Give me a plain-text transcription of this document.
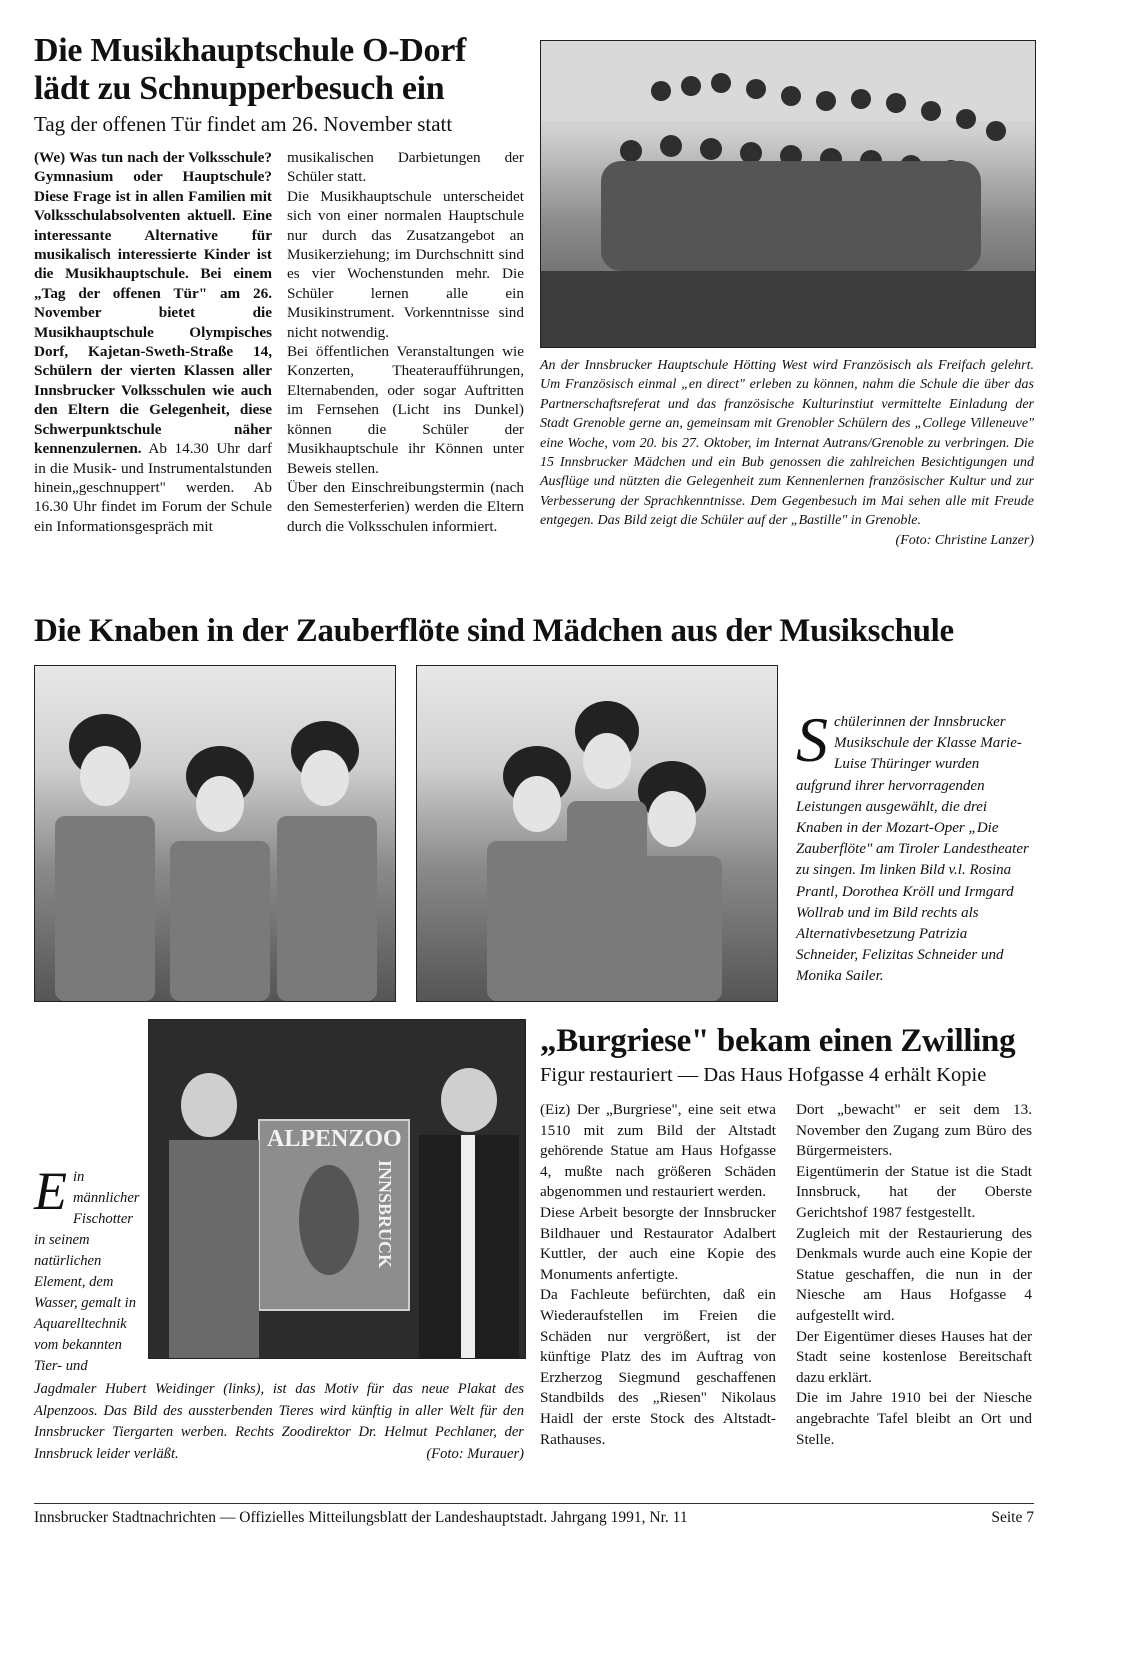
Die Musikhauptschule O-Dorf
lädt zu Schnupperbesuch ein
Tag der offenen Tür findet am 26. November statt

(We) Was tun nach der Volksschule? Gymnasium oder Hauptschule? Diese Frage ist in allen Familien mit Volksschulabsolventen aktuell. Eine interessante Alternative für musikalisch interessierte Kinder ist die Musikhauptschule. Bei einem „Tag der offenen Tür" am 26. November bietet die Musikhauptschule Olympisches Dorf, Kajetan-Sweth-Straße 14, Schülern der vierten Klassen aller Innsbrucker Volksschulen wie auch den Eltern die Gelegenheit, diese Schwerpunktschule näher kennenzulernen. Ab 14.30 Uhr darf in die Musik- und Instrumentalstunden hinein„geschnuppert" werden. Ab 16.30 Uhr findet im Forum der Schule ein Informationsgespräch mit

musikalischen Darbietungen der Schüler statt.

Die Musikhauptschule unterscheidet sich von einer normalen Hauptschule nur durch das Zusatzangebot an Musikerziehung; im Durchschnitt sind es vier Wochenstunden mehr. Die Schüler lernen alle ein Musikinstrument. Vorkenntnisse sind nicht notwendig.

Bei öffentlichen Veranstaltungen wie Konzerten, Theateraufführungen, Elternabenden, oder sogar Auftritten im Fernsehen (Licht ins Dunkel) können die Schüler der Musikhauptschule ihr Können unter Beweis stellen.

Über den Einschreibungstermin (nach den Semesterferien) werden die Eltern durch die Volksschulen informiert.

An der Innsbrucker Hauptschule Hötting West wird Französisch als Freifach gelehrt. Um Französisch einmal „en direct" erleben zu können, nahm die Schule die über das Partnerschaftsreferat und das französische Kulturinstiut vermittelte Einladung der Stadt Grenoble gerne an, gemeinsam mit Grenobler Schülern des „College Villeneuve" eine Woche, vom 20. bis 27. Oktober, im Internat Autrans/Grenoble zu verbringen. Die 15 Innsbrucker Mädchen und ein Bub genossen die zahlreichen Besichtigungen und Ausflüge und nützten die Gelegenheit zum Kennenlernen französischer Kultur und zur Verbesserung der Sprachkenntnisse. Dem Gegenbesuch im Mai sehen alle mit Freude entgegen. Das Bild zeigt die Schüler auf der „Bastille" in Grenoble.
(Foto: Christine Lanzer)
Die Knaben in der Zauberflöte sind Mädchen aus der Musikschule
Schülerinnen der Innsbrucker Musikschule der Klasse Marie-Luise Thüringer wurden aufgrund ihrer hervorragenden Leistungen ausgewählt, die drei Knaben in der Mozart-Oper „Die Zauberflöte" am Tiroler Landestheater zu singen. Im linken Bild v.l. Rosina Prantl, Dorothea Kröll und Irmgard Wollrab und im Bild rechts als Alternativbesetzung Patrizia Schneider, Felizitas Schneider und Monika Sailer.
ALPENZOO
INNSBRUCK
Ein männlicher Fischotter in seinem natürlichen Element, dem Wasser, gemalt in Aquarelltechnik vom bekannten Tier- und
Jagdmaler Hubert Weidinger (links), ist das Motiv für das neue Plakat des Alpenzoos. Das Bild des aussterbenden Tieres wird künftig in aller Welt für den Innsbrucker Tiergarten werben. Rechts Zoodirektor Dr. Helmut Pechlaner, der Innsbruck leider verläßt.	(Foto: Murauer)
„Burgriese" bekam einen Zwilling
Figur restauriert — Das Haus Hofgasse 4 erhält Kopie

(Eiz) Der „Burgriese", eine seit etwa 1510 mit zum Bild der Altstadt gehörende Statue am Haus Hofgasse 4, mußte nach größeren Schäden abgenommen und restauriert werden.

Diese Arbeit besorgte der Innsbrucker Bildhauer und Restaurator Adalbert Kuttler, der auch eine Kopie des Monuments anfertigte.

Da Fachleute befürchten, daß ein Wiederaufstellen im Freien die Schäden nur vergrößert, ist der künftige Platz des im Auftrag von Erzherzog Siegmund geschaffenen Standbilds des „Riesen" Nikolaus Haidl der erste Stock des Altstadt-Rathauses.

Dort „bewacht" er seit dem 13. November den Zugang zum Büro des Bürgermeisters.

Eigentümerin der Statue ist die Stadt Innsbruck, hat der Oberste Gerichtshof 1987 festgestellt.

Zugleich mit der Restaurierung des Denkmals wurde auch eine Kopie der Statue geschaffen, die nun in der Niesche am Haus Hofgasse 4 aufgestellt wird.

Der Eigentümer dieses Hauses hat der Stadt seine kostenlose Bereitschaft dazu erklärt.

Die im Jahre 1910 bei der Niesche angebrachte Tafel bleibt an Ort und Stelle.

Innsbrucker Stadtnachrichten — Offizielles Mitteilungsblatt der Landeshauptstadt. Jahrgang 1991, Nr. 11	Seite 7
